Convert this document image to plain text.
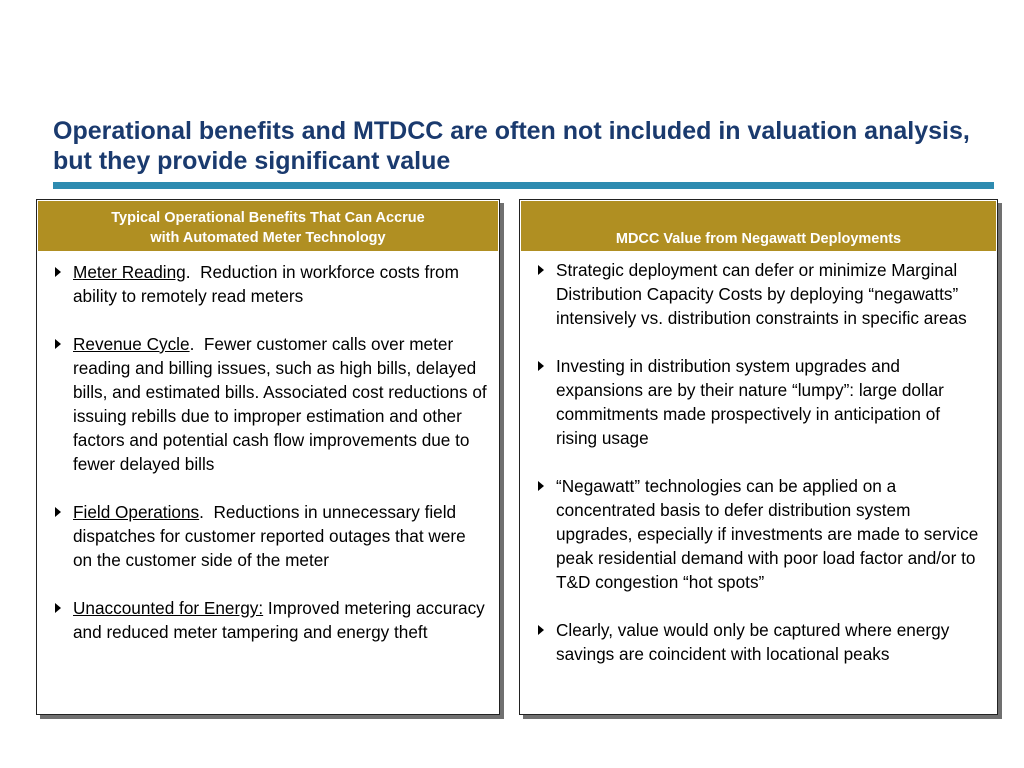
Operational benefits and MTDCC are often not included in valuation analysis, but they provide significant value
Typical Operational Benefits That Can Accrue
with Automated Meter Technology
Meter Reading.  Reduction in workforce costs from ability to remotely read meters
Revenue Cycle.  Fewer customer calls over meter reading and billing issues, such as high bills, delayed bills, and estimated bills. Associated cost reductions of issuing rebills due to improper estimation and other factors and potential cash flow improvements due to fewer delayed bills
Field Operations.  Reductions in unnecessary field dispatches for customer reported outages that were on the customer side of the meter
Unaccounted for Energy: Improved metering accuracy and reduced meter tampering and energy theft
MDCC Value from Negawatt Deployments
Strategic deployment can defer or minimize Marginal Distribution Capacity Costs by deploying “negawatts” intensively vs. distribution constraints in specific areas
Investing in distribution system upgrades and expansions are by their nature “lumpy”: large dollar commitments made prospectively in anticipation of rising usage
“Negawatt” technologies can be applied on a concentrated basis to defer distribution system upgrades, especially if investments are made to service peak residential demand with poor load factor and/or to T&D congestion “hot spots”
Clearly, value would only be captured where energy savings are coincident with locational peaks
